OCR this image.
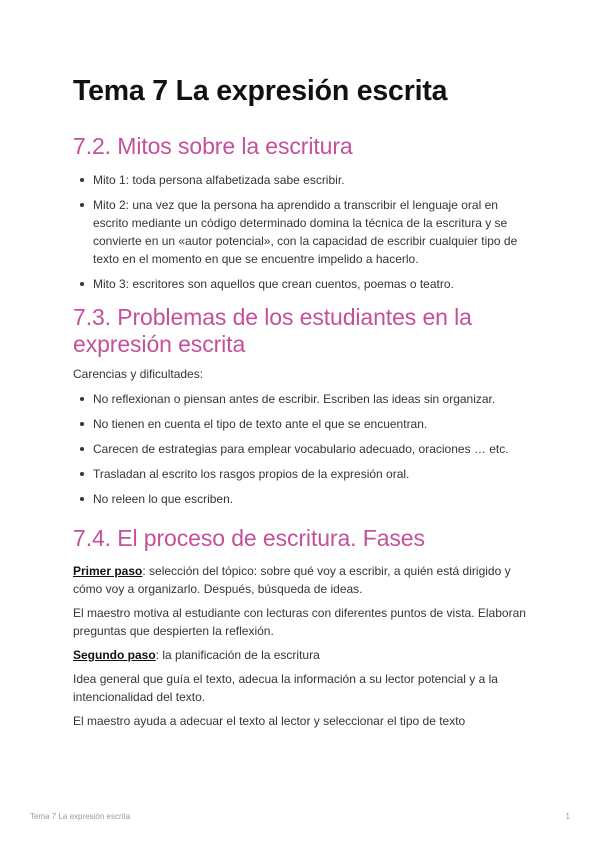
Tema 7 La expresión escrita
7.2. Mitos sobre la escritura
Mito 1: toda persona alfabetizada sabe escribir.
Mito 2: una vez que la persona ha aprendido a transcribir el lenguaje oral en escrito mediante un código determinado domina la técnica de la escritura y se convierte en un «autor potencial», con la capacidad de escribir cualquier tipo de texto en el momento en que se encuentre impelido a hacerlo.
Mito 3: escritores son aquellos que crean cuentos, poemas o teatro.
7.3. Problemas de los estudiantes en la expresión escrita

Carencias y dificultades:

No reflexionan o piensan antes de escribir. Escriben las ideas sin organizar.
No tienen en cuenta el tipo de texto ante el que se encuentran.
Carecen de estrategias para emplear vocabulario adecuado, oraciones … etc.
Trasladan al escrito los rasgos propios de la expresión oral.
No releen lo que escriben.
7.4. El proceso de escritura. Fases

Primer paso: selección del tópico: sobre qué voy a escribir, a quién está dirigido y cómo voy a organizarlo. Después, búsqueda de ideas.

El maestro motiva al estudiante con lecturas con diferentes puntos de vista. Elaboran preguntas que despierten la reflexión.

Segundo paso: la planificación de la escritura

Idea general que guía el texto, adecua la información a su lector potencial y a la intencionalidad del texto.

El maestro ayuda a adecuar el texto al lector y seleccionar el tipo de texto

Tema 7 La expresión escrita	1
